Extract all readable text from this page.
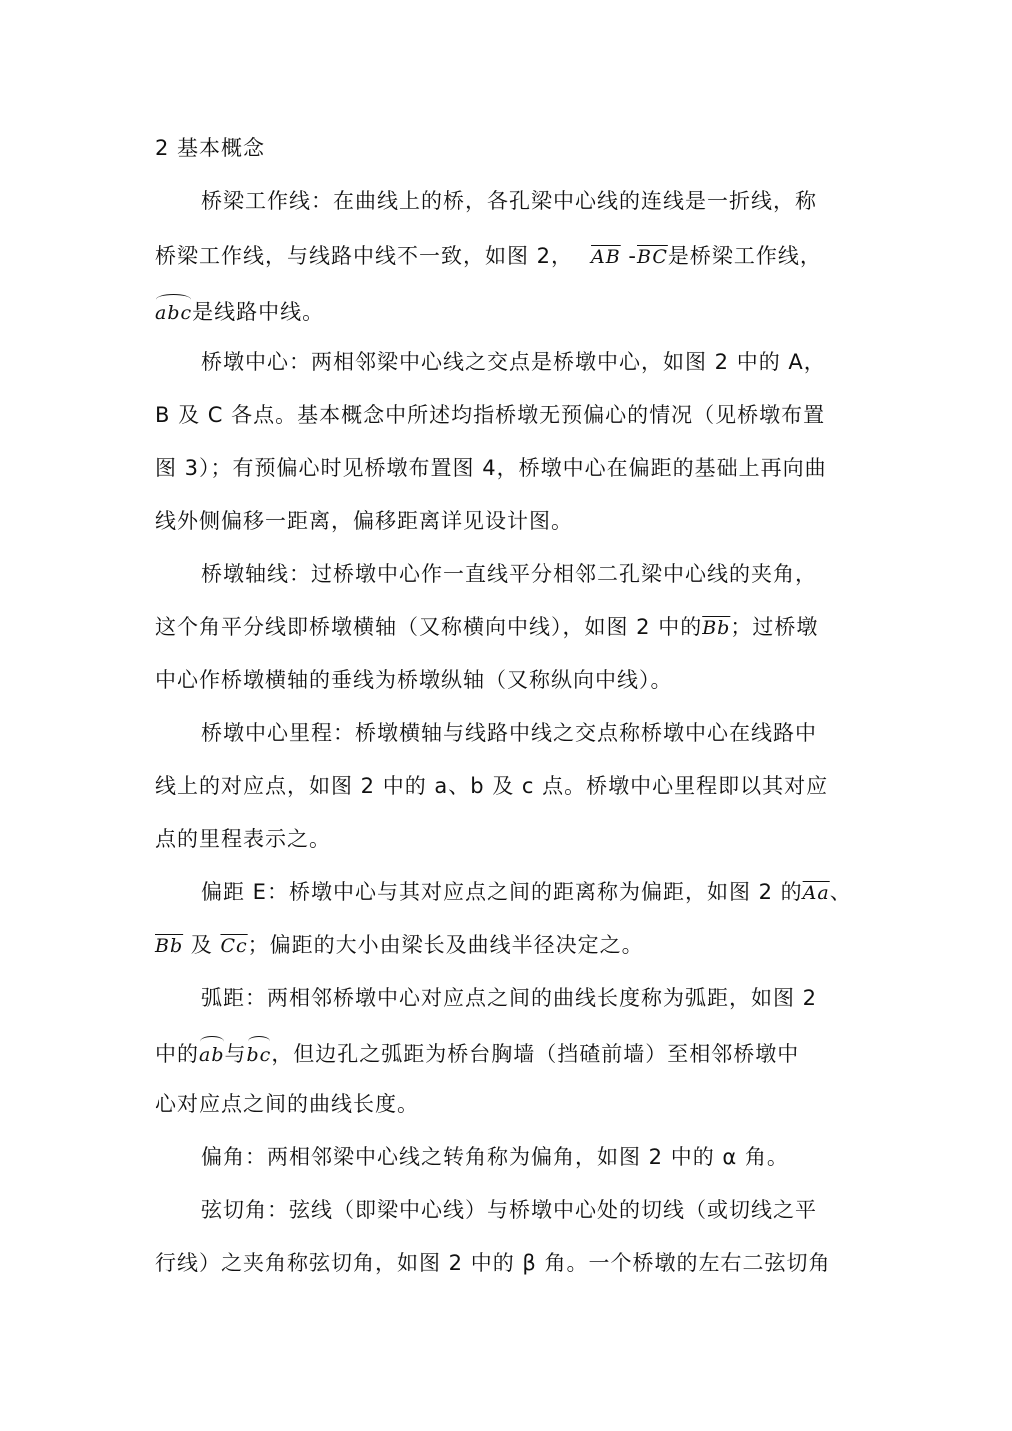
2 基本概念
桥梁工作线：在曲线上的桥，各孔梁中心线的连线是一折线，称
桥梁工作线，与线路中线不一致，如图 2， $\overline{AB}$ $-\overline{BC}$是桥梁工作线，
abc是线路中线。
桥墩中心：两相邻梁中心线之交点是桥墩中心，如图 2 中的 A，
B 及 C 各点。基本概念中所述均指桥墩无预偏心的情况（见桥墩布置
图 3）；有预偏心时见桥墩布置图 4，桥墩中心在偏距的基础上再向曲
线外侧偏移一距离，偏移距离详见设计图。
桥墩轴线：过桥墩中心作一直线平分相邻二孔梁中心线的夹角，
这个角平分线即桥墩横轴（又称横向中线），如图 2 中的$\overline{Bb}$；过桥墩
中心作桥墩横轴的垂线为桥墩纵轴（又称纵向中线）。
桥墩中心里程：桥墩横轴与线路中线之交点称桥墩中心在线路中
线上的对应点，如图 2 中的 a、b 及 c 点。桥墩中心里程即以其对应
点的里程表示之。
偏距 E：桥墩中心与其对应点之间的距离称为偏距，如图 2 的$\overline{Aa}$、
$\overline{Bb}$ 及 $\overline{Cc}$；偏距的大小由梁长及曲线半径决定之。
弧距：两相邻桥墩中心对应点之间的曲线长度称为弧距，如图 2
中的ab与bc，但边孔之弧距为桥台胸墙（挡碴前墙）至相邻桥墩中
心对应点之间的曲线长度。
偏角：两相邻梁中心线之转角称为偏角，如图 2 中的 α 角。
弦切角：弦线（即梁中心线）与桥墩中心处的切线（或切线之平
行线）之夹角称弦切角，如图 2 中的 β 角。一个桥墩的左右二弦切角
